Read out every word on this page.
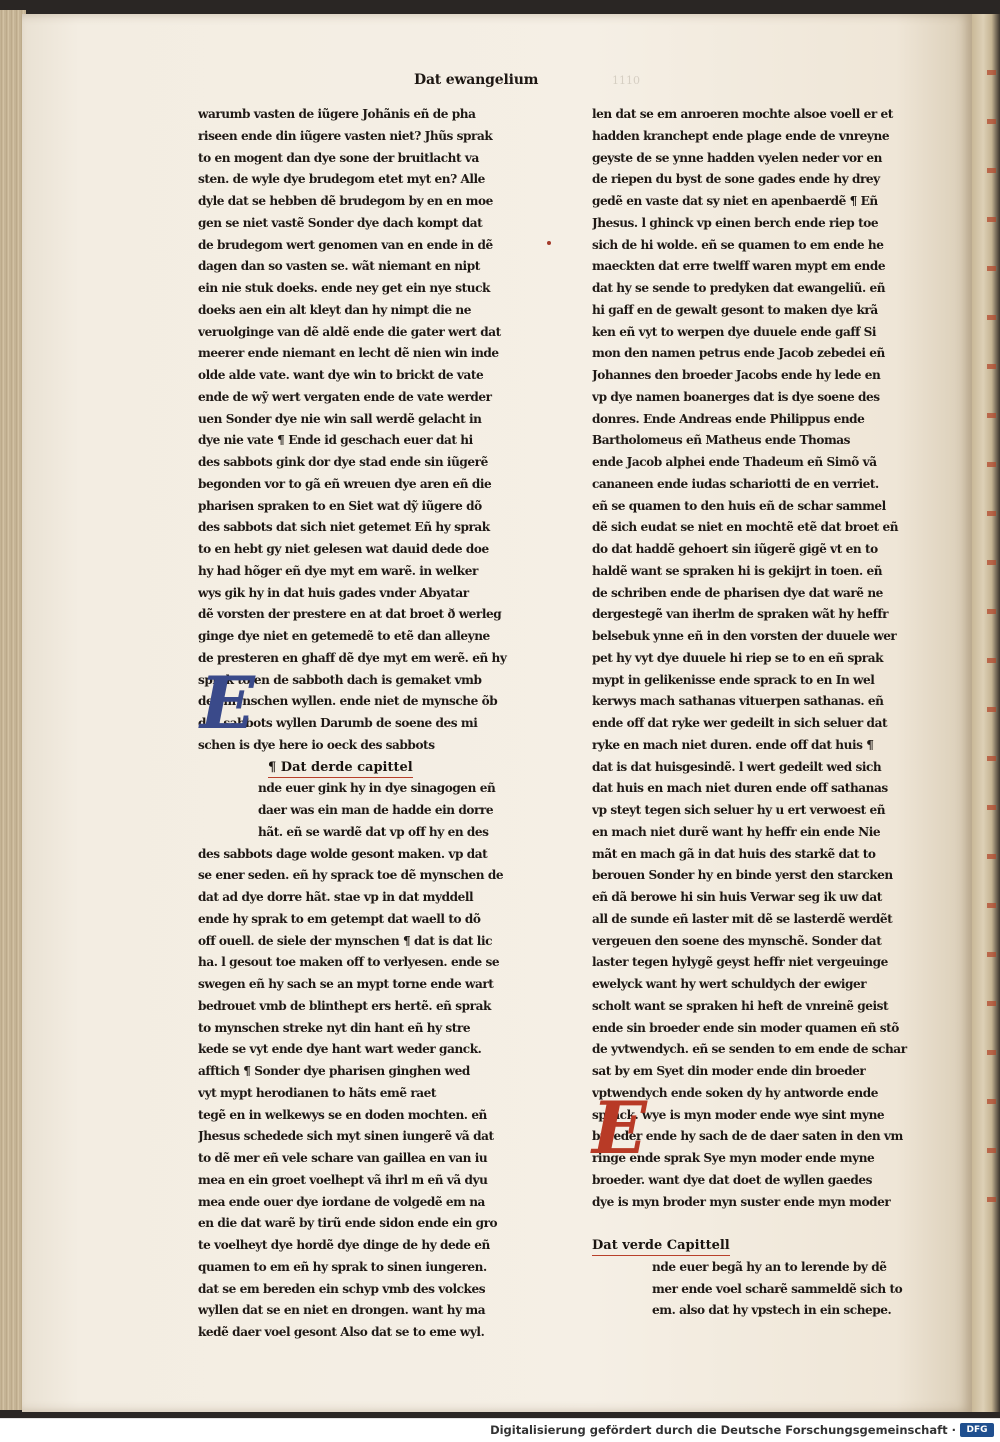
Dat ewangelium	1110
E
E
warumb vasten de iũgere Johãnis eñ de pha
riseen ende din iũgere vasten niet? Jhũs sprak
to en mogent dan dye sone der bruitlacht va
sten. de wyle dye brudegom etet myt en? Alle
dyle dat se hebben dẽ brudegom by en en moe
gen se niet vastẽ Sonder dye dach kompt dat
de brudegom wert genomen van en ende in dẽ
dagen dan so vasten se. wãt niemant en nipt
ein nie stuk doeks. ende ney get ein nye stuck
doeks aen ein alt kleyt dan hy nimpt die ne
veruolginge van dẽ aldẽ ende die gater wert dat
meerer ende niemant en lecht dẽ nien win inde
olde alde vate. want dye win to brickt de vate
ende de wỹ wert vergaten ende de vate werder
uen Sonder dye nie win sall werdẽ gelacht in
dye nie vate ¶ Ende id geschach euer dat hi
des sabbots gink dor dye stad ende sin iũgerẽ
begonden vor to gã eñ wreuen dye aren eñ die
pharisen spraken to en Siet wat dỹ iũgere dõ
des sabbots dat sich niet getemet Eñ hy sprak
to en hebt gy niet gelesen wat dauid dede doe
hy had hõger eñ dye myt em warẽ. in welker
wys gik hy in dat huis gades vnder Abyatar
dẽ vorsten der prestere en at dat broet ð werleg
ginge dye niet en getemedẽ to etẽ dan alleyne
de presteren en ghaff dẽ dye myt em werẽ. eñ hy
sprak to en de sabboth dach is gemaket vmb
des mynschen wyllen. ende niet de mynsche õb
des sabbots wyllen Darumb de soene des mi
schen is dye here io oeck des sabbots
¶ Dat derde capittel
nde euer gink hy in dye sinagogen eñ
daer was ein man de hadde ein dorre
hãt. eñ se wardẽ dat vp off hy en des
des sabbots dage wolde gesont maken. vp dat
se ener seden. eñ hy sprack toe dẽ mynschen de
dat ad dye dorre hãt. stae vp in dat myddell
ende hy sprak to em getempt dat waell to dõ
off ouell. de siele der mynschen ¶ dat is dat lic
ha. l gesout toe maken off to verlyesen. ende se
swegen eñ hy sach se an mypt torne ende wart
bedrouet vmb de blinthept ers hertẽ. eñ sprak
to mynschen streke nyt din hant eñ hy stre
kede se vyt ende dye hant wart weder ganck.
afftich ¶ Sonder dye pharisen ginghen wed
vyt mypt herodianen to hãts emẽ raet
tegẽ en in welkewys se en doden mochten. eñ
Jhesus schedede sich myt sinen iungerẽ vã dat
to dẽ mer eñ vele schare van gaillea en van iu
mea en ein groet voelhept vã ihrl m eñ vã dyu
mea ende ouer dye iordane de volgedẽ em na
en die dat warẽ by tirũ ende sidon ende ein gro
te voelheyt dye hordẽ dye dinge de hy dede eñ
quamen to em eñ hy sprak to sinen iungeren.
dat se em bereden ein schyp vmb des volckes
wyllen dat se en niet en drongen. want hy ma
kedẽ daer voel gesont Also dat se to eme wyl.
len dat se em anroeren mochte alsoe voell er et
hadden kranchept ende plage ende de vnreyne
geyste de se ynne hadden vyelen neder vor en
de riepen du byst de sone gades ende hy drey
gedẽ en vaste dat sy niet en apenbaerdẽ ¶ Eñ
Jhesus. l ghinck vp einen berch ende riep toe
sich de hi wolde. eñ se quamen to em ende he
maeckten dat erre twelff waren mypt em ende
dat hy se sende to predyken dat ewangeliũ. eñ
hi gaff en de gewalt gesont to maken dye krã
ken eñ vyt to werpen dye duuele ende gaff Si
mon den namen petrus ende Jacob zebedei eñ
Johannes den broeder Jacobs ende hy lede en
vp dye namen boanerges dat is dye soene des
donres. Ende Andreas ende Philippus ende
Bartholomeus eñ Matheus ende Thomas
ende Jacob alphei ende Thadeum eñ Simõ vã
cananeen ende iudas schariotti de en verriet.
eñ se quamen to den huis eñ de schar sammel
dẽ sich eudat se niet en mochtẽ etẽ dat broet eñ
do dat haddẽ gehoert sin iũgerẽ gigẽ vt en to
haldẽ want se spraken hi is gekijrt in toen. eñ
de schriben ende de pharisen dye dat warẽ ne
dergestegẽ van iherlm de spraken wãt hy heffr
belsebuk ynne eñ in den vorsten der duuele wer
pet hy vyt dye duuele hi riep se to en eñ sprak
mypt in gelikenisse ende sprack to en In wel
kerwys mach sathanas vituerpen sathanas. eñ
ende off dat ryke wer gedeilt in sich seluer dat
ryke en mach niet duren. ende off dat huis ¶
dat is dat huisgesindẽ. l wert gedeilt wed sich
dat huis en mach niet duren ende off sathanas
vp steyt tegen sich seluer hy u ert verwoest eñ
en mach niet durẽ want hy heffr ein ende Nie
mãt en mach gã in dat huis des starkẽ dat to
berouen Sonder hy en binde yerst den starcken
eñ dã berowe hi sin huis Verwar seg ik uw dat
all de sunde eñ laster mit dẽ se lasterdẽ werdẽt
vergeuen den soene des mynschẽ. Sonder dat
laster tegen hylygẽ geyst heffr niet vergeuinge
ewelyck want hy wert schuldych der ewiger
scholt want se spraken hi heft de vnreinẽ geist
ende sin broeder ende sin moder quamen eñ stõ
de yvtwendych. eñ se senden to em ende de schar
sat by em Syet din moder ende din broeder
vptwendych ende soken dy hy antworde ende
sprack. wye is myn moder ende wye sint myne
broeder ende hy sach de de daer saten in den vm
ringe ende sprak Sye myn moder ende myne
broeder. want dye dat doet de wyllen gaedes
dye is myn broder myn suster ende myn moder
Dat verde Capittell
nde euer begã hy an to lerende by dẽ
mer ende voel scharẽ sammeldẽ sich to
em. also dat hy vpstech in ein schepe.
Digitalisierung gefördert durch die Deutsche Forschungsgemeinschaft ·	DFG
